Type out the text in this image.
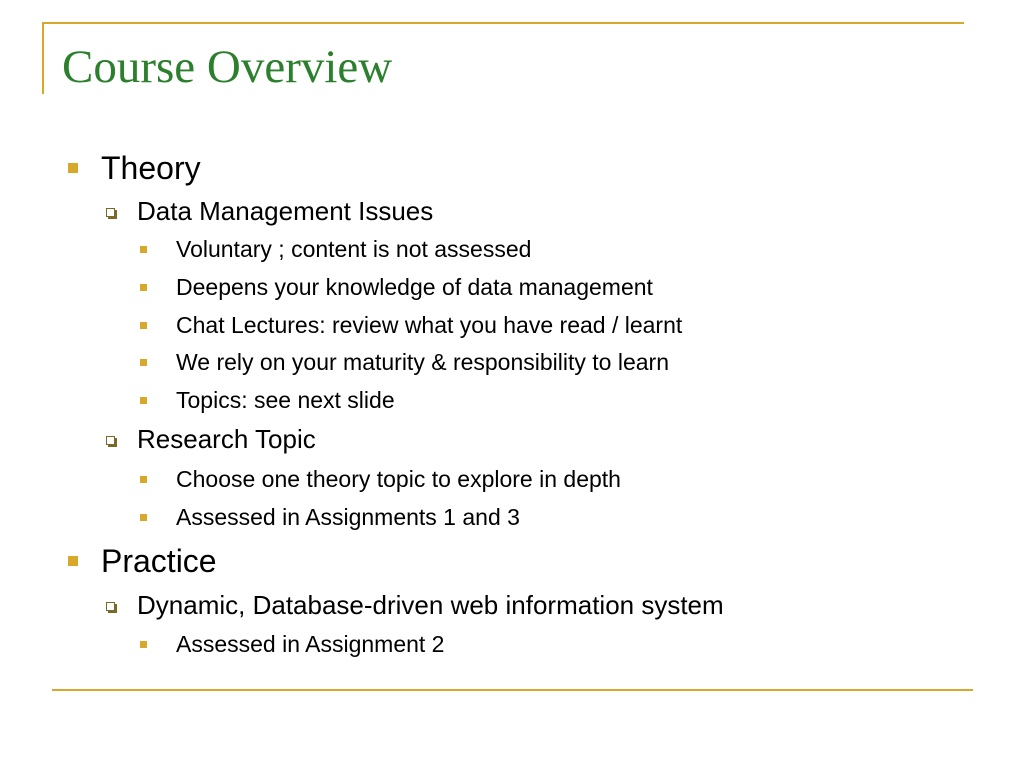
Course Overview
Theory
Data Management Issues
Voluntary ; content is not assessed
Deepens your knowledge of data management
Chat Lectures: review what you have read / learnt
We rely on your maturity & responsibility to learn
Topics: see next slide
Research Topic
Choose one theory topic to explore in depth
Assessed in Assignments 1 and 3
Practice
Dynamic, Database-driven web information system
Assessed in Assignment 2
